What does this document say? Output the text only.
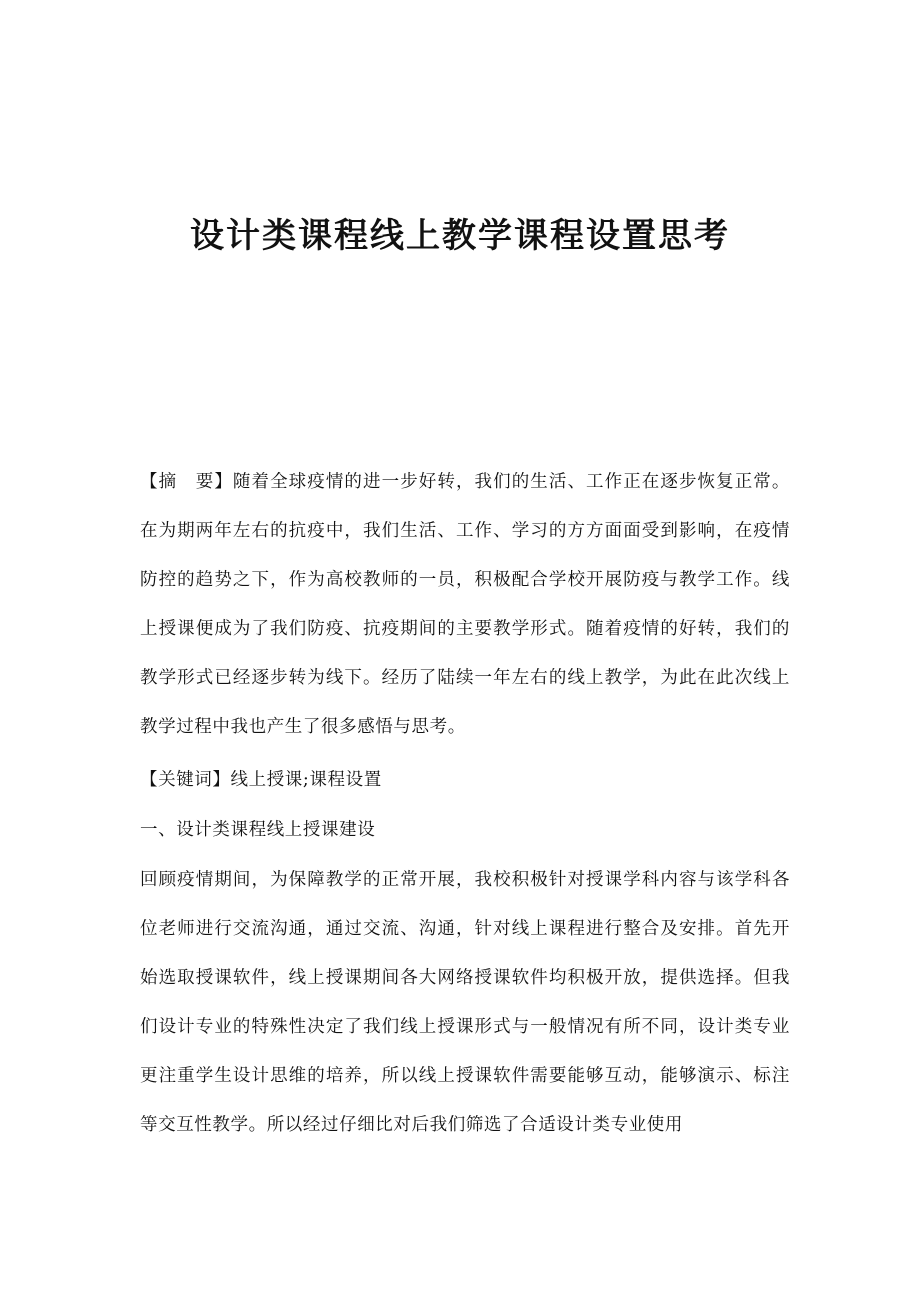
设计类课程线上教学课程设置思考

【摘　要】随着全球疫情的进一步好转，我们的生活、工作正在逐步恢复正常。在为期两年左右的抗疫中，我们生活、工作、学习的方方面面受到影响，在疫情防控的趋势之下，作为高校教师的一员，积极配合学校开展防疫与教学工作。线上授课便成为了我们防疫、抗疫期间的主要教学形式。随着疫情的好转，我们的教学形式已经逐步转为线下。经历了陆续一年左右的线上教学，为此在此次线上教学过程中我也产生了很多感悟与思考。

【关键词】线上授课;课程设置

一、设计类课程线上授课建设

回顾疫情期间，为保障教学的正常开展，我校积极针对授课学科内容与该学科各位老师进行交流沟通，通过交流、沟通，针对线上课程进行整合及安排。首先开始选取授课软件，线上授课期间各大网络授课软件均积极开放，提供选择。但我们设计专业的特殊性决定了我们线上授课形式与一般情况有所不同，设计类专业更注重学生设计思维的培养，所以线上授课软件需要能够互动，能够演示、标注等交互性教学。所以经过仔细比对后我们筛选了合适设计类专业使用
